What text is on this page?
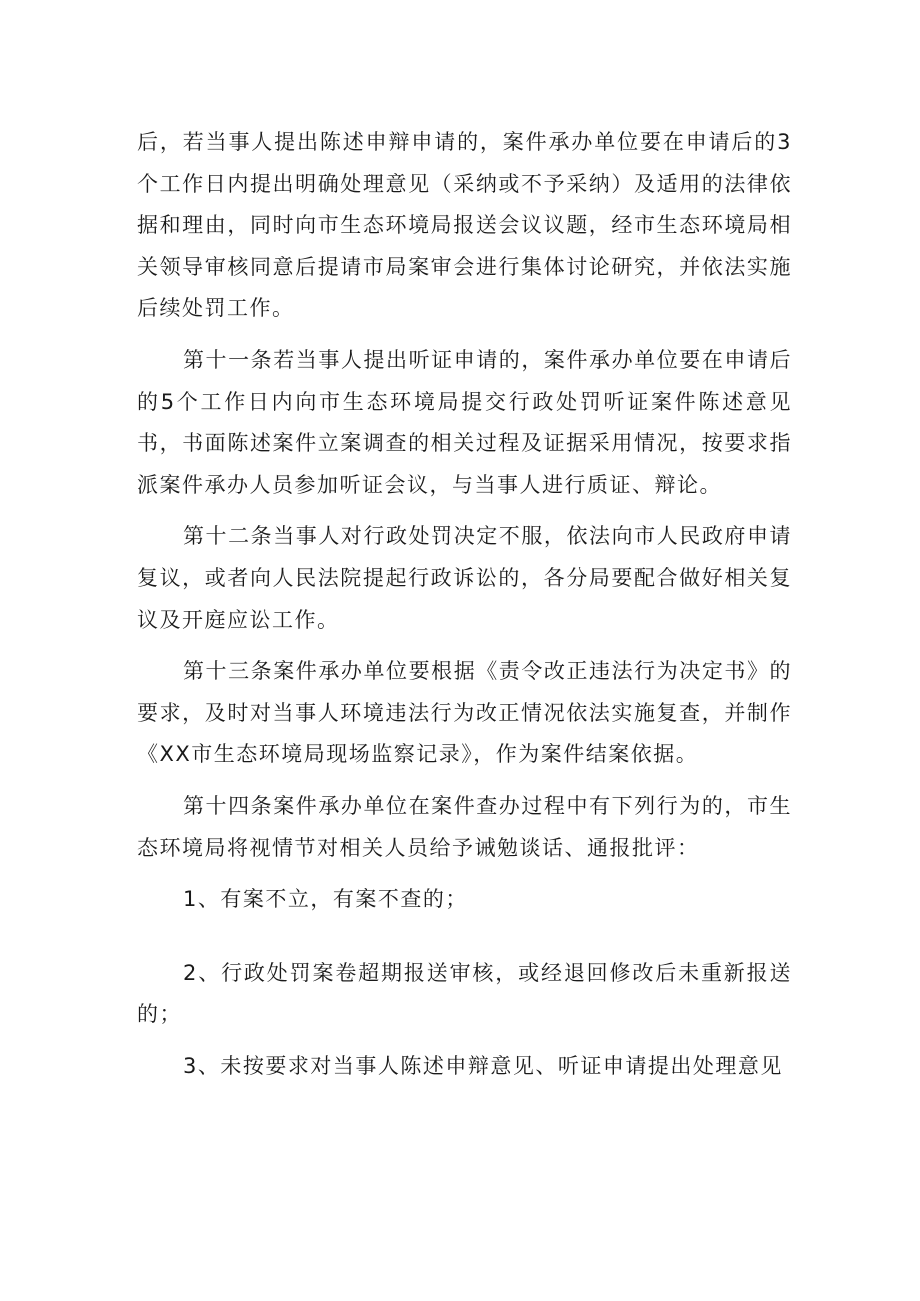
后，若当事人提出陈述申辩申请的，案件承办单位要在申请后的3个工作日内提出明确处理意见（采纳或不予采纳）及适用的法律依据和理由，同时向市生态环境局报送会议议题，经市生态环境局相关领导审核同意后提请市局案审会进行集体讨论研究，并依法实施后续处罚工作。

第十一条若当事人提出听证申请的，案件承办单位要在申请后的5个工作日内向市生态环境局提交行政处罚听证案件陈述意见书，书面陈述案件立案调查的相关过程及证据采用情况，按要求指派案件承办人员参加听证会议，与当事人进行质证、辩论。

第十二条当事人对行政处罚决定不服，依法向市人民政府申请复议，或者向人民法院提起行政诉讼的，各分局要配合做好相关复议及开庭应讼工作。

第十三条案件承办单位要根据《责令改正违法行为决定书》的要求，及时对当事人环境违法行为改正情况依法实施复查，并制作《XX市生态环境局现场监察记录》，作为案件结案依据。

第十四条案件承办单位在案件查办过程中有下列行为的，市生态环境局将视情节对相关人员给予诫勉谈话、通报批评：

1、有案不立，有案不查的；

2、行政处罚案卷超期报送审核，或经退回修改后未重新报送的；

3、未按要求对当事人陈述申辩意见、听证申请提出处理意见
